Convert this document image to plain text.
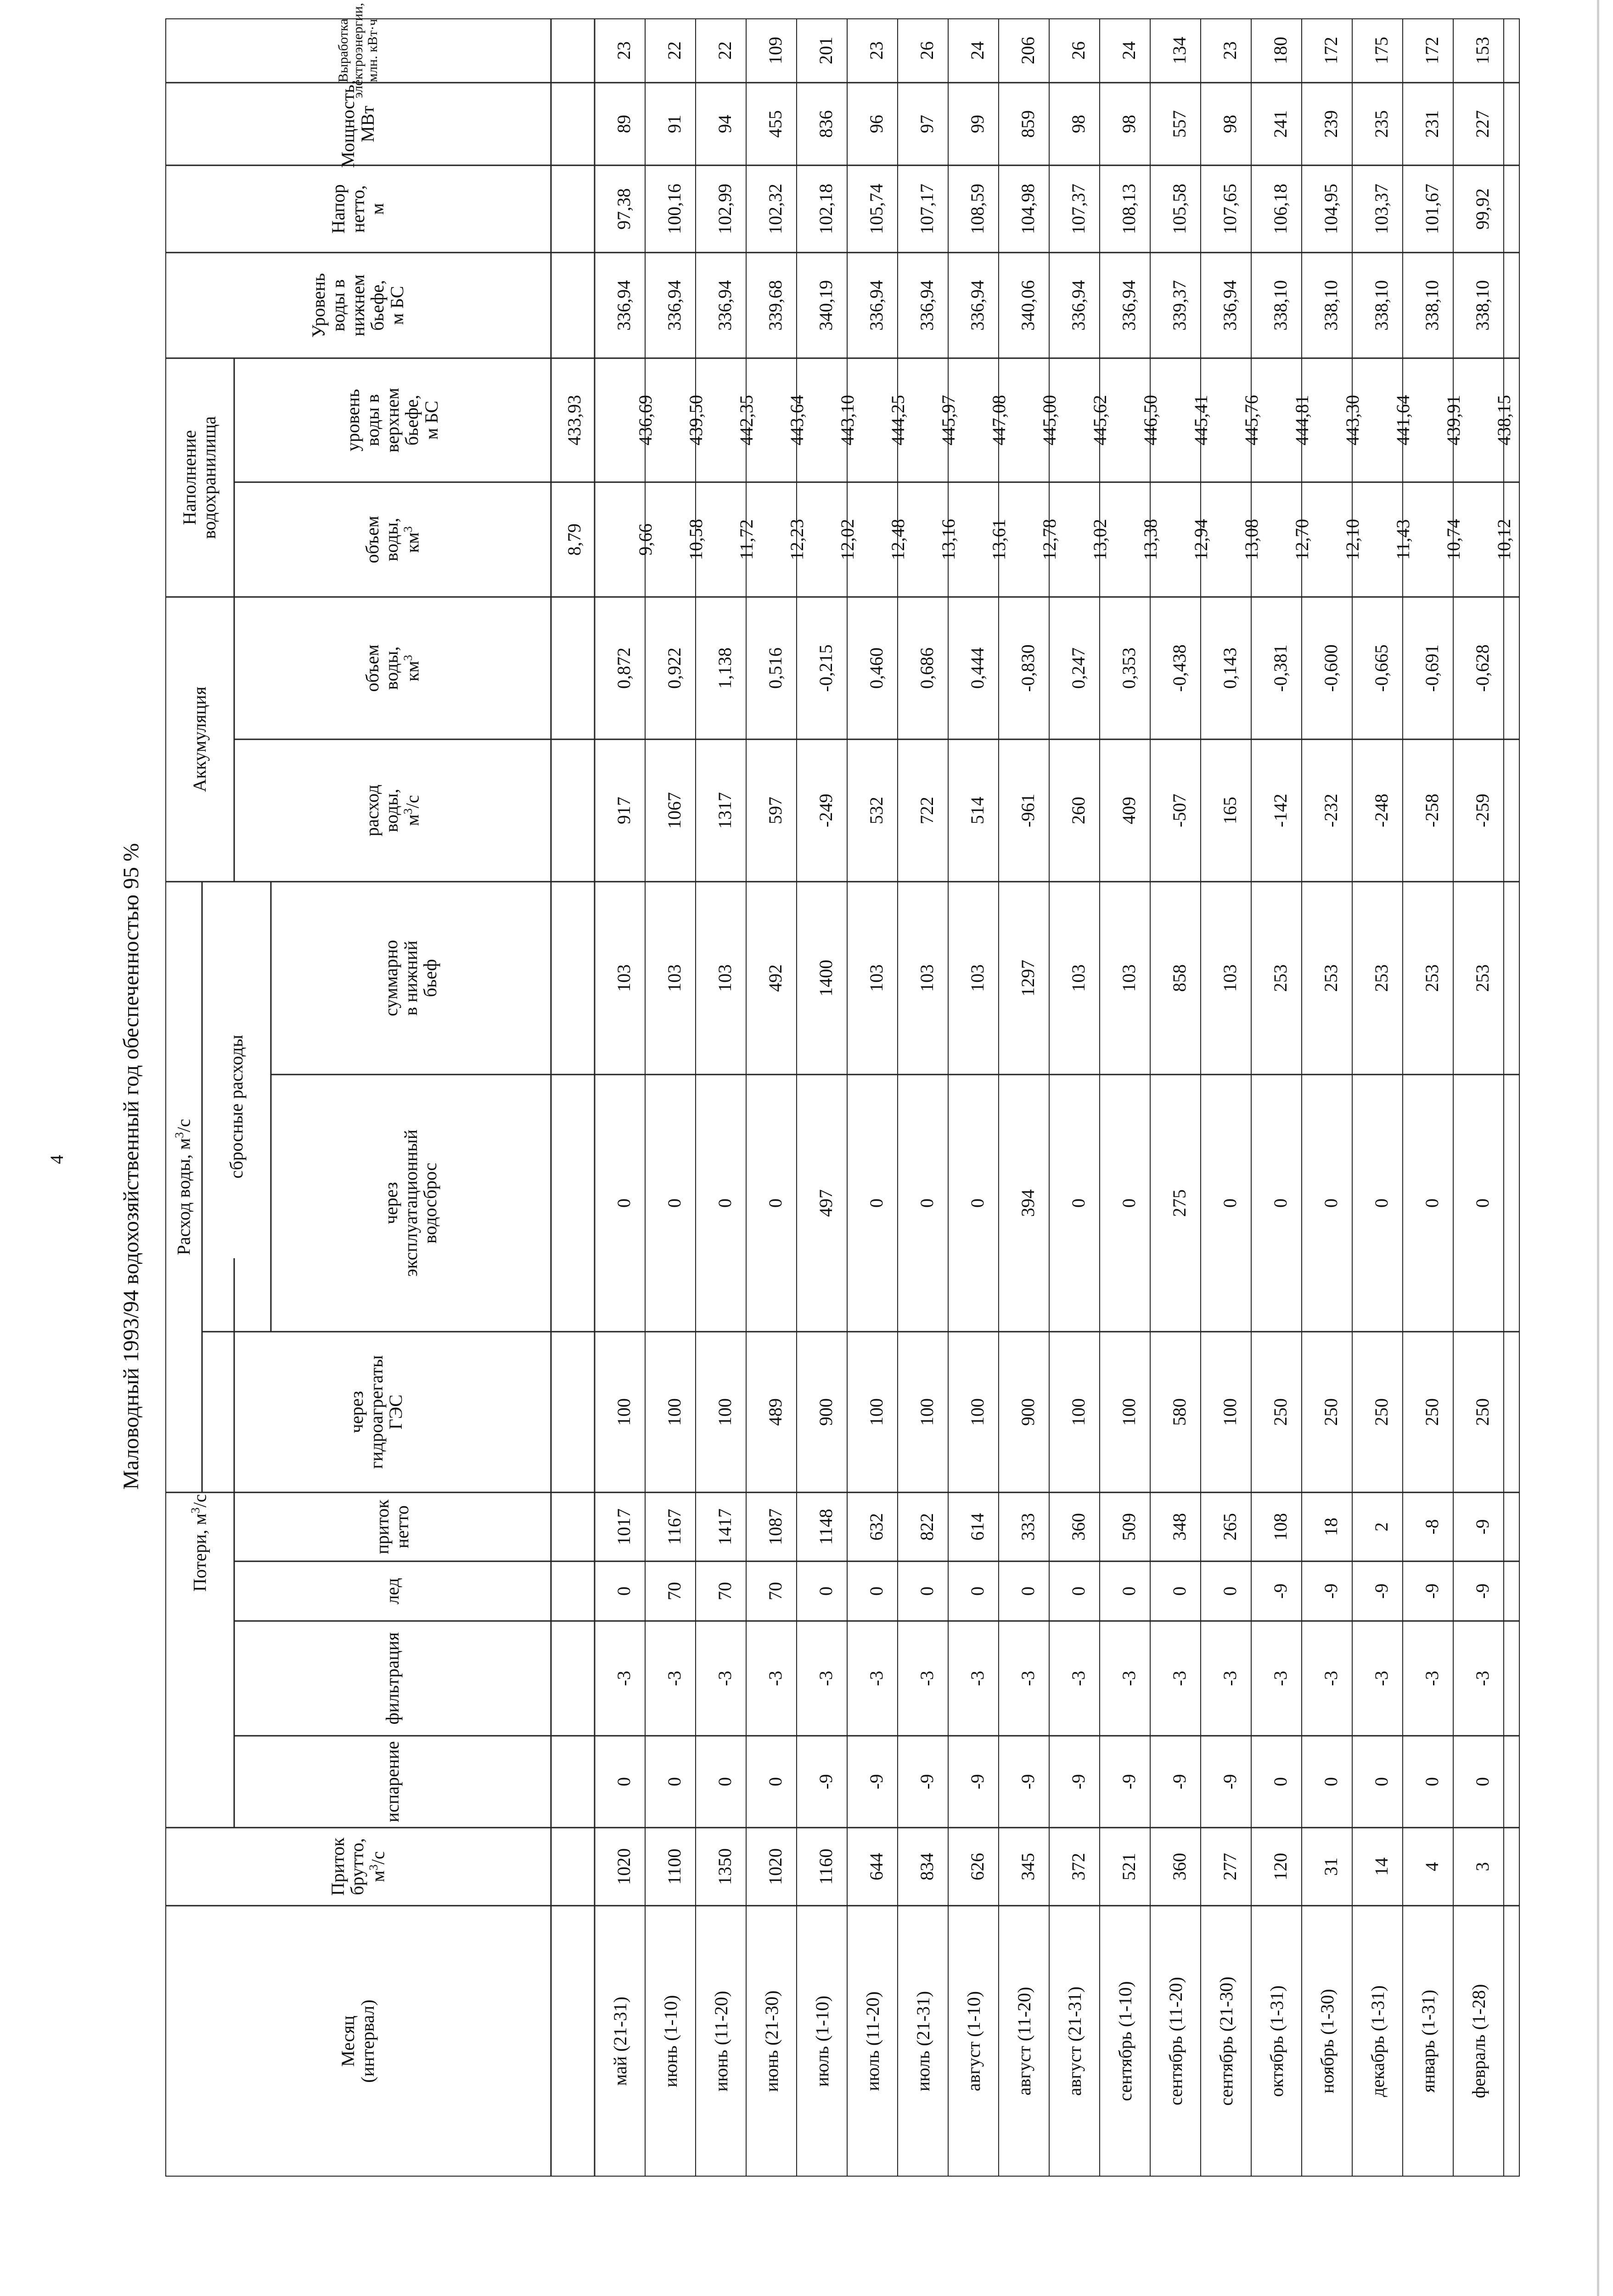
4 Маловодный 1993/94 водохозяйственный год обеспеченностью 95 %
Месяц
(интервал)
Приток
брутто,
$м^3/с$
Потери, $м^3/с$
испарение
фильтрация
лед
приток
нетто
Расход воды, $м^3/с$
через
гидроагрегаты
ГЭС
сбросные расходы
через
эксплуатационный
водосброс
суммарно
в нижний
бьеф
Аккумуляция
расход
воды,
$м^3/с$
объем
воды,
$км^3$
Наполнение
водохранилища
объем
воды,
$км^3$
уровень
воды в
верхнем
бьефе,
м БС
Уровень
воды в
нижнем
бьефе,
м БС
Напор
нетто,
м
Мощность,
МВт
Выработка
электроэнергии,
млн. кВт·ч
май (21-31)
1020
0
-3
0
1017
100
0
103
917
0,872
336,94
97,38
89
23
9,66
436,69
июнь (1-10)
1100
0
-3
70
1167
100
0
103
1067
0,922
336,94
100,16
91
22
10,58
439,50
июнь (11-20)
1350
0
-3
70
1417
100
0
103
1317
1,138
336,94
102,99
94
22
11,72
442,35
июнь (21-30)
1020
0
-3
70
1087
489
0
492
597
0,516
339,68
102,32
455
109
12,23
443,64
июль (1-10)
1160
-9
-3
0
1148
900
497
1400
-249
-0,215
340,19
102,18
836
201
12,02
443,10
июль (11-20)
644
-9
-3
0
632
100
0
103
532
0,460
336,94
105,74
96
23
12,48
444,25
июль (21-31)
834
-9
-3
0
822
100
0
103
722
0,686
336,94
107,17
97
26
13,16
445,97
август (1-10)
626
-9
-3
0
614
100
0
103
514
0,444
336,94
108,59
99
24
13,61
447,08
август (11-20)
345
-9
-3
0
333
900
394
1297
-961
-0,830
340,06
104,98
859
206
12,78
445,00
август (21-31)
372
-9
-3
0
360
100
0
103
260
0,247
336,94
107,37
98
26
13,02
445,62
сентябрь (1-10)
521
-9
-3
0
509
100
0
103
409
0,353
336,94
108,13
98
24
13,38
446,50
сентябрь (11-20)
360
-9
-3
0
348
580
275
858
-507
-0,438
339,37
105,58
557
134
12,94
445,41
сентябрь (21-30)
277
-9
-3
0
265
100
0
103
165
0,143
336,94
107,65
98
23
13,08
445,76
октябрь (1-31)
120
0
-3
-9
108
250
0
253
-142
-0,381
338,10
106,18
241
180
12,70
444,81
ноябрь (1-30)
31
0
-3
-9
18
250
0
253
-232
-0,600
338,10
104,95
239
172
12,10
443,30
декабрь (1-31)
14
0
-3
-9
2
250
0
253
-248
-0,665
338,10
103,37
235
175
11,43
441,64
январь (1-31)
4
0
-3
-9
-8
250
0
253
-258
-0,691
338,10
101,67
231
172
10,74
439,91
февраль (1-28)
3
0
-3
-9
-9
250
0
253
-259
-0,628
338,10
99,92
227
153
10,12
438,15
8,79
433,93
